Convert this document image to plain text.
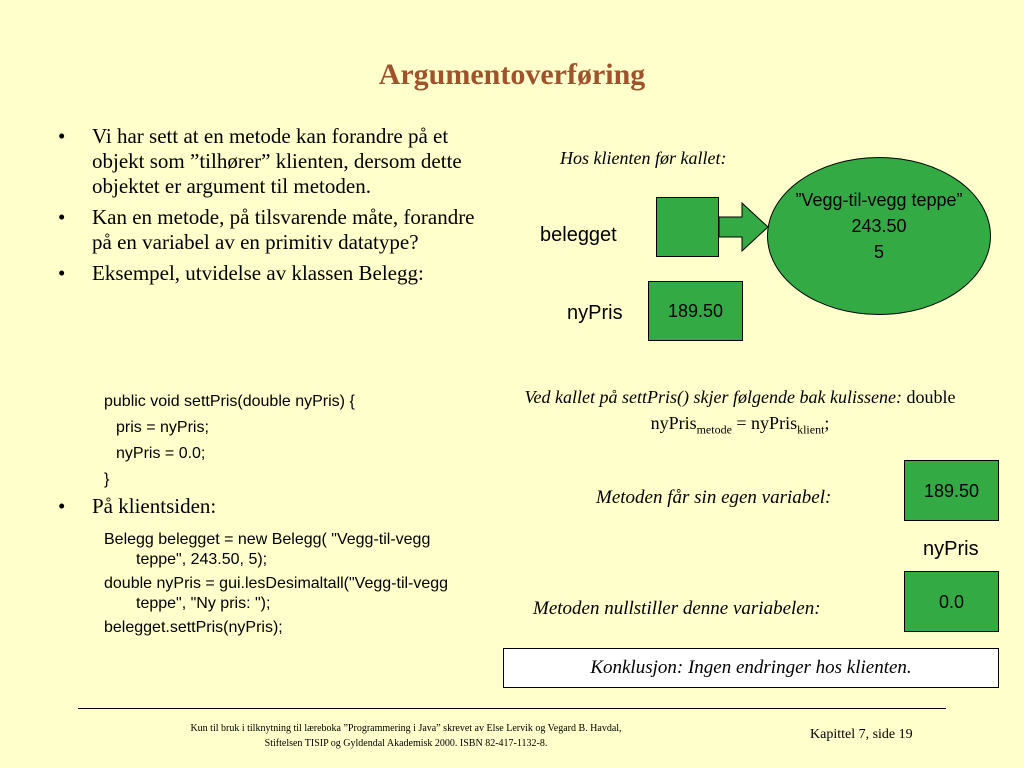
Argumentoverføring
• Vi har sett at en metode kan forandre på et objekt som ”tilhører” klienten, dersom dette objektet er argument til metoden.
• Kan en metode, på tilsvarende måte, forandre på en variabel av en primitiv datatype?
• Eksempel, utvidelse av klassen Belegg:
• På klientsiden:
public void settPris(double nyPris) {
pris = nyPris;
nyPris = 0.0;
}
Belegg belegget = new Belegg( "Vegg-til-vegg teppe", 243.50, 5);
double nyPris = gui.lesDesimaltall("Vegg-til-vegg teppe", "Ny pris: ");
belegget.settPris(nyPris);
Hos klienten før kallet:
belegget
”Vegg-til-vegg teppe”
243.50
5
nyPris	189.50
Ved kallet på settPris() skjer følgende bak kulissene: double nyPris$_{metode}$ = nyPris$_{klient}$;
Metoden får sin egen variabel:	189.50
nyPris
Metoden nullstiller denne variabelen:	0.0
Konklusjon: Ingen endringer hos klienten.
Kun til bruk i tilknytning til læreboka ”Programmering i Java” skrevet av Else Lervik og Vegard B. Havdal,
Stiftelsen TISIP og Gyldendal Akademisk 2000. ISBN 82-417-1132-8.
Kapittel 7, side 19
